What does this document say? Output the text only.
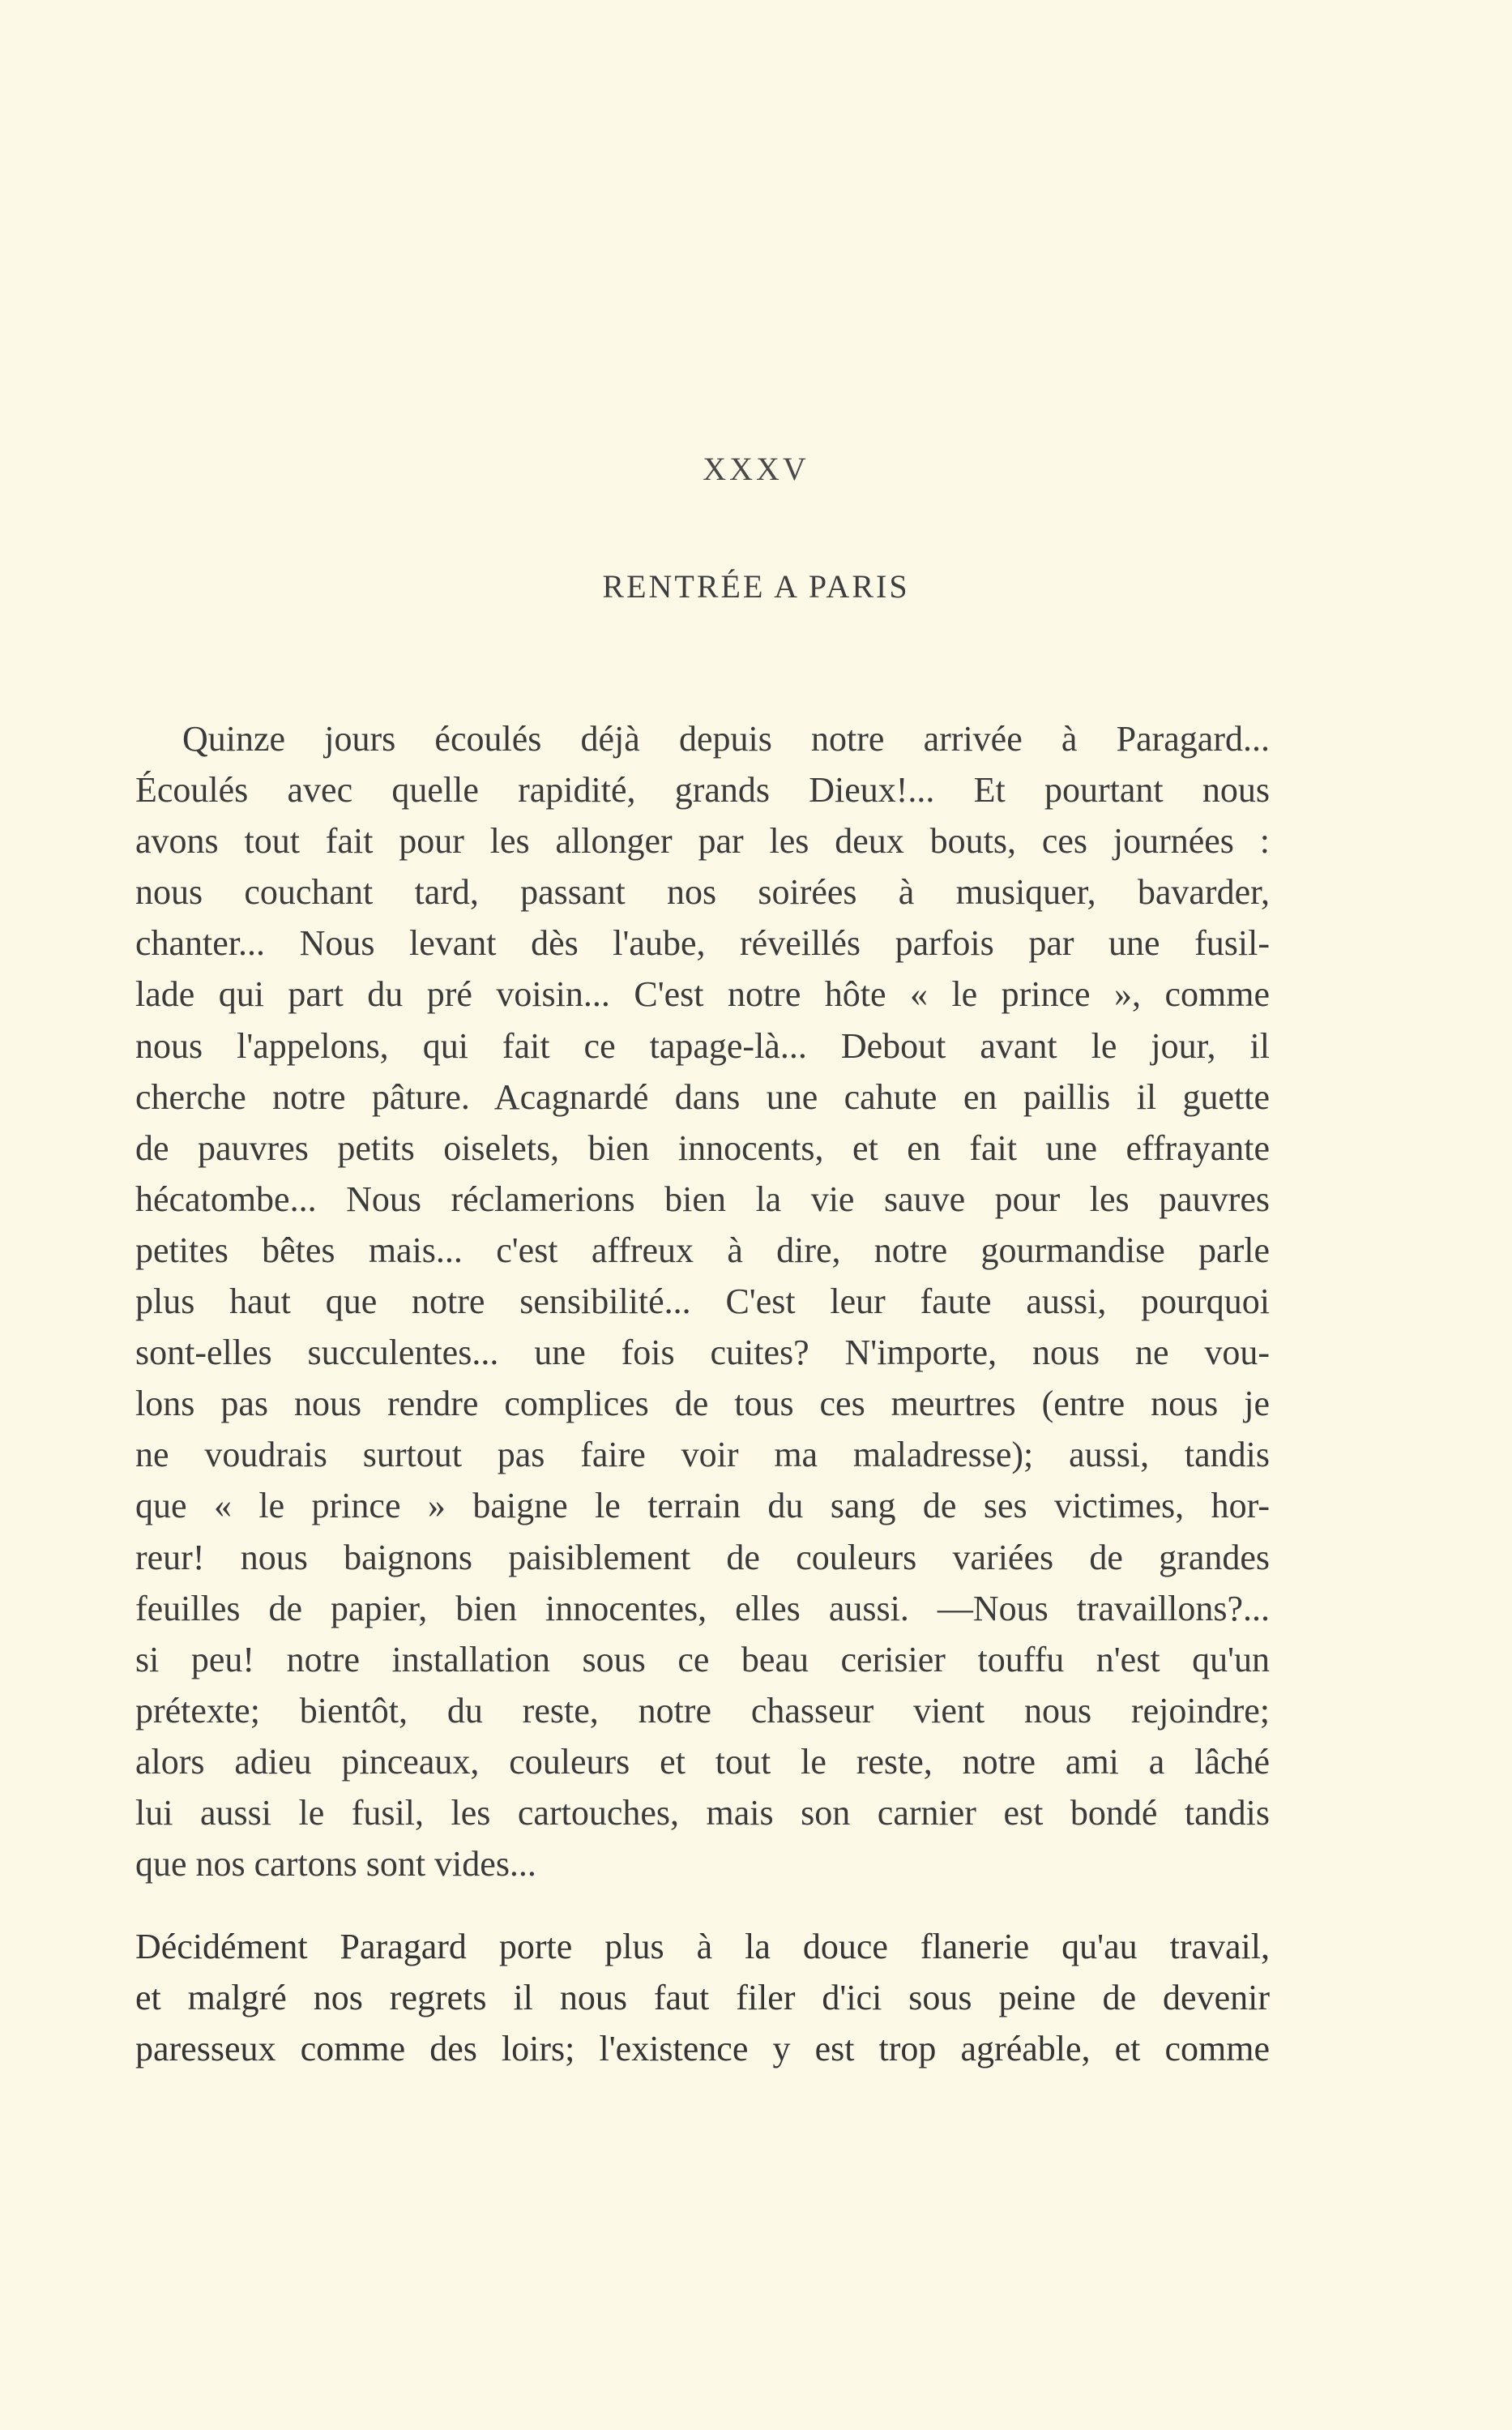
XXXV
RENTRÉE A PARIS
Quinze jours écoulés déjà depuis notre arrivée à Paragard...
Écoulés avec quelle rapidité, grands Dieux!... Et pourtant nous
avons tout fait pour les allonger par les deux bouts, ces journées :
nous couchant tard, passant nos soirées à musiquer, bavarder,
chanter... Nous levant dès l'aube, réveillés parfois par une fusil-
lade qui part du pré voisin... C'est notre hôte « le prince », comme
nous l'appelons, qui fait ce tapage-là... Debout avant le jour, il
cherche notre pâture. Acagnardé dans une cahute en paillis il guette
de pauvres petits oiselets, bien innocents, et en fait une effrayante
hécatombe... Nous réclamerions bien la vie sauve pour les pauvres
petites bêtes mais... c'est affreux à dire, notre gourmandise parle
plus haut que notre sensibilité... C'est leur faute aussi, pourquoi
sont-elles succulentes... une fois cuites? N'importe, nous ne vou-
lons pas nous rendre complices de tous ces meurtres (entre nous je
ne voudrais surtout pas faire voir ma maladresse); aussi, tandis
que « le prince » baigne le terrain du sang de ses victimes, hor-
reur! nous baignons paisiblement de couleurs variées de grandes
feuilles de papier, bien innocentes, elles aussi. —Nous travaillons?...
si peu! notre installation sous ce beau cerisier touffu n'est qu'un
prétexte; bientôt, du reste, notre chasseur vient nous rejoindre;
alors adieu pinceaux, couleurs et tout le reste, notre ami a lâché
lui aussi le fusil, les cartouches, mais son carnier est bondé tandis
que nos cartons sont vides...
Décidément Paragard porte plus à la douce flanerie qu'au travail,
et malgré nos regrets il nous faut filer d'ici sous peine de devenir
paresseux comme des loirs; l'existence y est trop agréable, et comme
